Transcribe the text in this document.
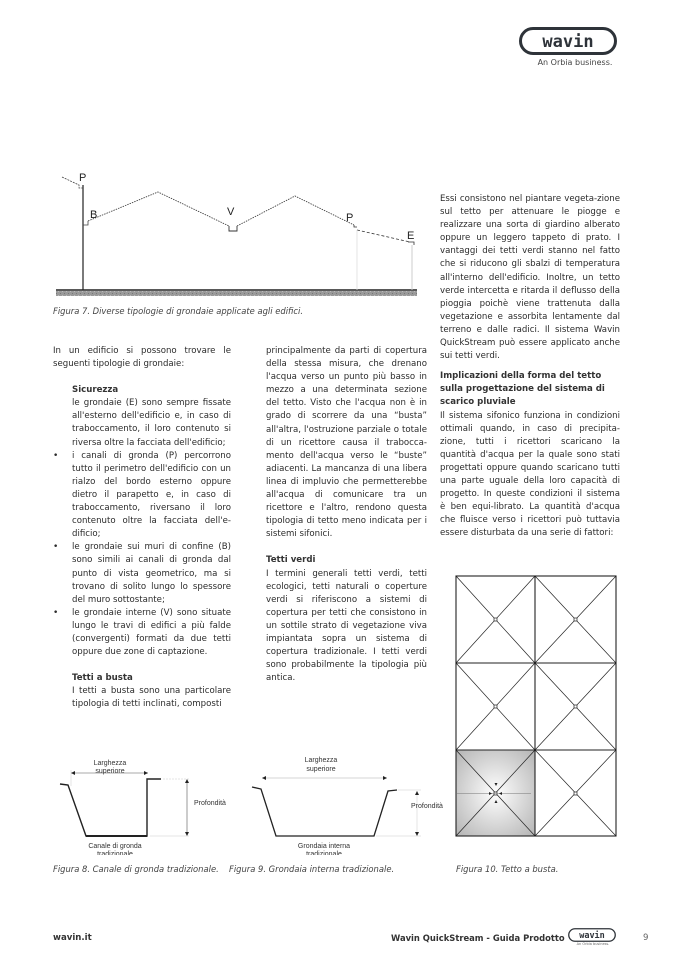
wavin
An Orbia business.
P
B	V	P
E
Figura 7. Diverse tipologie di grondaie applicate agli edifici.

In un edificio si possono trovare le seguenti tipologie di grondaie:

Sicurezza

le grondaie (E) sono sempre fissate all'esterno dell'edificio e, in caso di traboccamento, il loro contenuto si riversa oltre la facciata dell'edificio;

• i canali di gronda (P) percorrono tutto il perimetro dell'edificio con un rialzo del bordo esterno oppure dietro il parapetto e, in caso di traboccamento, riversano il loro contenuto oltre la facciata dell'e-dificio;
• le grondaie sui muri di confine (B) sono simili ai canali di gronda dal punto di vista geometrico, ma si trovano di solito lungo lo spessore del muro sottostante;
• le grondaie interne (V) sono situate lungo le travi di edifici a più falde (convergenti) formati da due tetti oppure due zone di captazione.
Tetti a busta

I tetti a busta sono una particolare tipologia di tetti inclinati, composti

principalmente da parti di copertura della stessa misura, che drenano l'acqua verso un punto più basso in mezzo a una determinata sezione del tetto. Visto che l'acqua non è in grado di scorrere da una “busta” all'altra, l'ostruzione parziale o totale di un ricettore causa il trabocca-mento dell'acqua verso le “buste” adiacenti. La mancanza di una libera linea di impluvio che permetterebbe all'acqua di comunicare tra un ricettore e l'altro, rendono questa tipologia di tetto meno indicata per i sistemi sifonici.

Tetti verdi

I termini generali tetti verdi, tetti ecologici, tetti naturali o coperture verdi si riferiscono a sistemi di copertura per tetti che consistono in un sottile strato di vegetazione viva impiantata sopra un sistema di copertura tradizionale. I tetti verdi sono probabilmente la tipologia più antica.

Essi consistono nel piantare vegeta-zione sul tetto per attenuare le piogge e realizzare una sorta di giardino alberato oppure un leggero tappeto di prato. I vantaggi dei tetti verdi stanno nel fatto che si riducono gli sbalzi di temperatura all'interno dell'edificio. Inoltre, un tetto verde intercetta e ritarda il deflusso della pioggia poichè viene trattenuta dalla vegetazione e assorbita lentamente dal terreno e dalle radici. Il sistema Wavin QuickStream può essere applicato anche sui tetti verdi.

Implicazioni della forma del tetto sulla progettazione del sistema di scarico pluviale

Il sistema sifonico funziona in condizioni ottimali quando, in caso di precipita-zione, tutti i ricettori scaricano la quantità d'acqua per la quale sono stati progettati oppure quando scaricano tutti una parte uguale della loro capacità di progetto. In queste condizioni il sistema è ben equi-librato. La quantità d'acqua che fluisce verso i ricettori può tuttavia essere disturbata da una serie di fattori:

Larghezza
superiore
Profondità
Canale di gronda
tradizionale
Larghezza
superiore
Profondità
Grondaia interna
tradizionale
Figura 8. Canale di gronda tradizionale. Figura 9. Grondaia interna tradizionale.	Figura 10. Tetto a busta.
wavin.it	Wavin QuickStream - Guida Prodotto wavin
An Orbia business.
9
